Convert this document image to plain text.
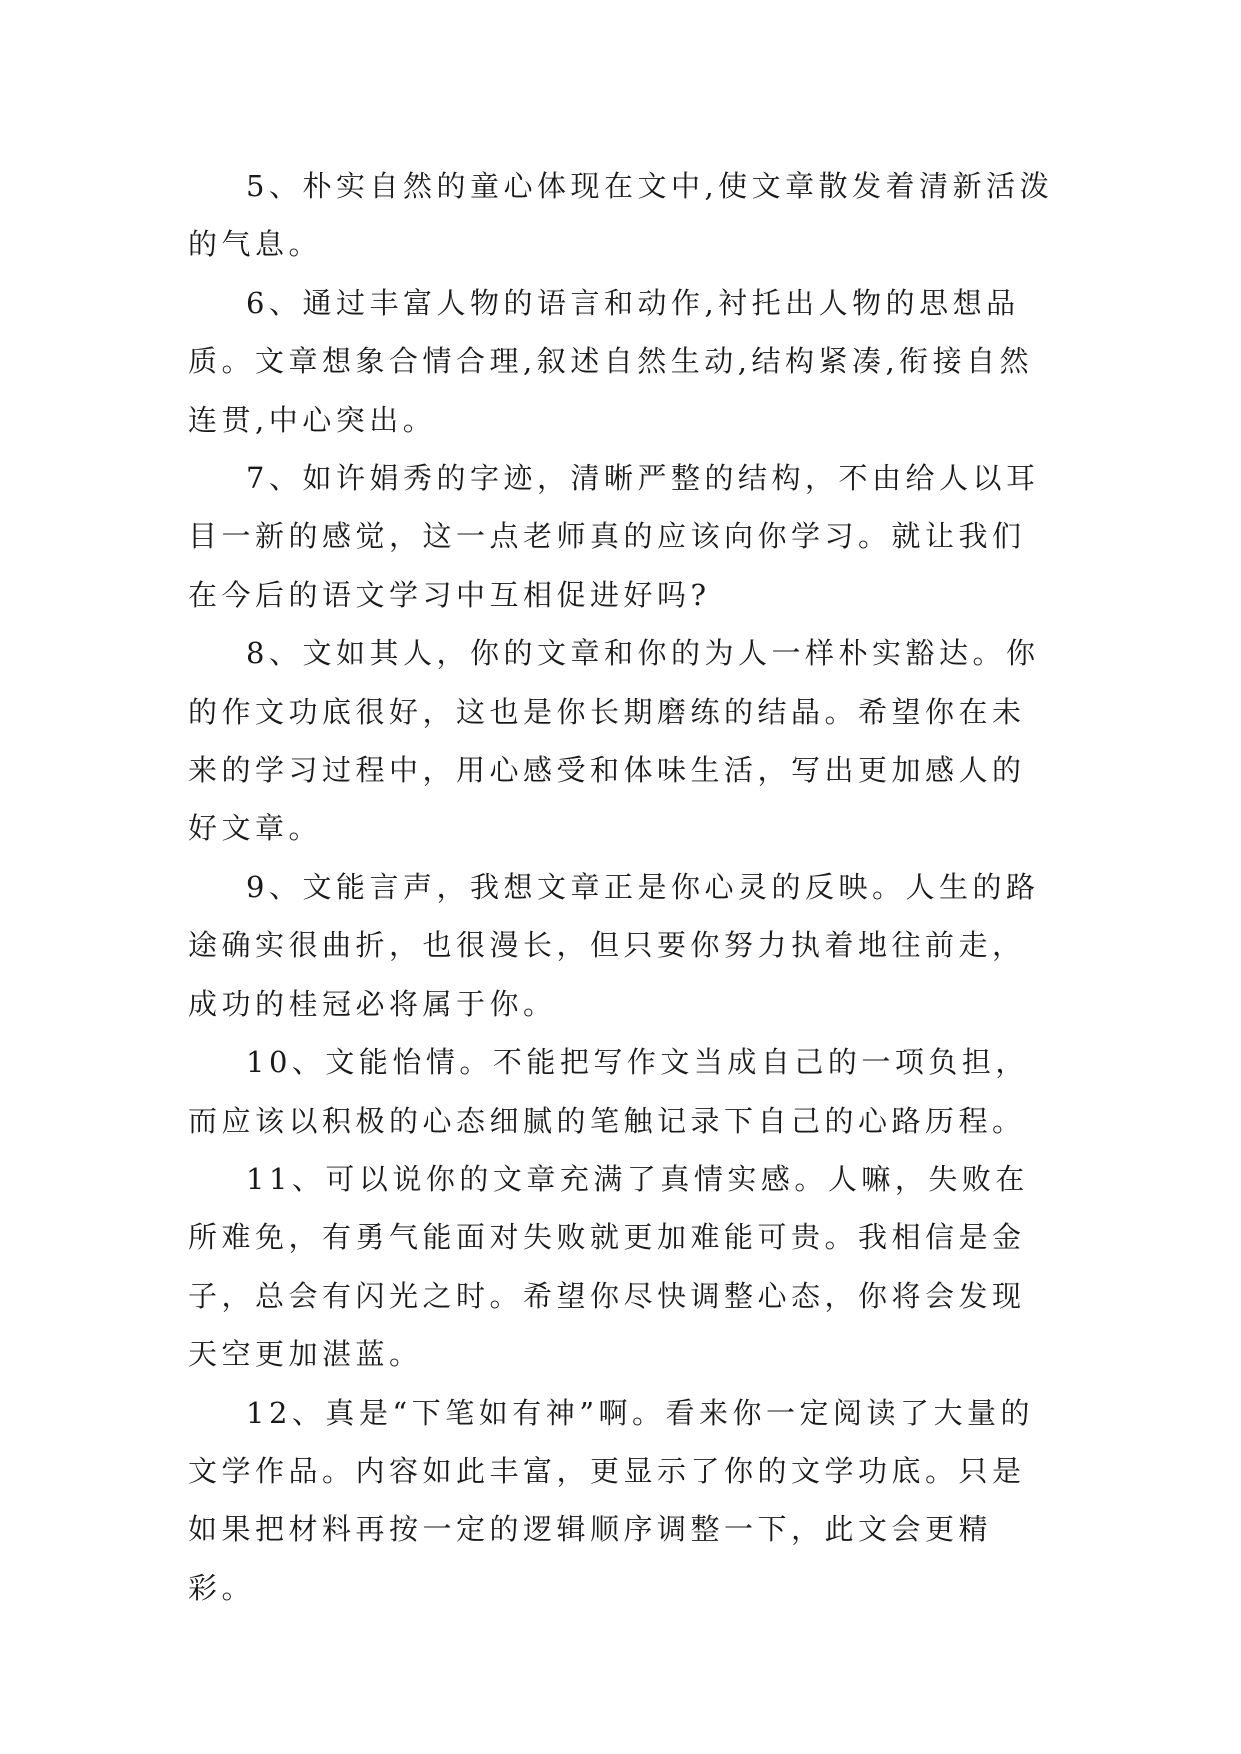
5、朴实自然的童心体现在文中,使文章散发着清新活泼的气息。

6、通过丰富人物的语言和动作,衬托出人物的思想品质。文章想象合情合理,叙述自然生动,结构紧凑,衔接自然连贯,中心突出。

7、如许娟秀的字迹，清晰严整的结构，不由给人以耳目一新的感觉，这一点老师真的应该向你学习。就让我们在今后的语文学习中互相促进好吗?

8、文如其人，你的文章和你的为人一样朴实豁达。你的作文功底很好，这也是你长期磨练的结晶。希望你在未来的学习过程中，用心感受和体味生活，写出更加感人的好文章。

9、文能言声，我想文章正是你心灵的反映。人生的路途确实很曲折，也很漫长，但只要你努力执着地往前走，成功的桂冠必将属于你。

10、文能怡情。不能把写作文当成自己的一项负担，而应该以积极的心态细腻的笔触记录下自己的心路历程。

11、可以说你的文章充满了真情实感。人嘛，失败在所难免，有勇气能面对失败就更加难能可贵。我相信是金子，总会有闪光之时。希望你尽快调整心态，你将会发现天空更加湛蓝。

12、真是“下笔如有神”啊。看来你一定阅读了大量的文学作品。内容如此丰富，更显示了你的文学功底。只是如果把材料再按一定的逻辑顺序调整一下，此文会更精彩。
